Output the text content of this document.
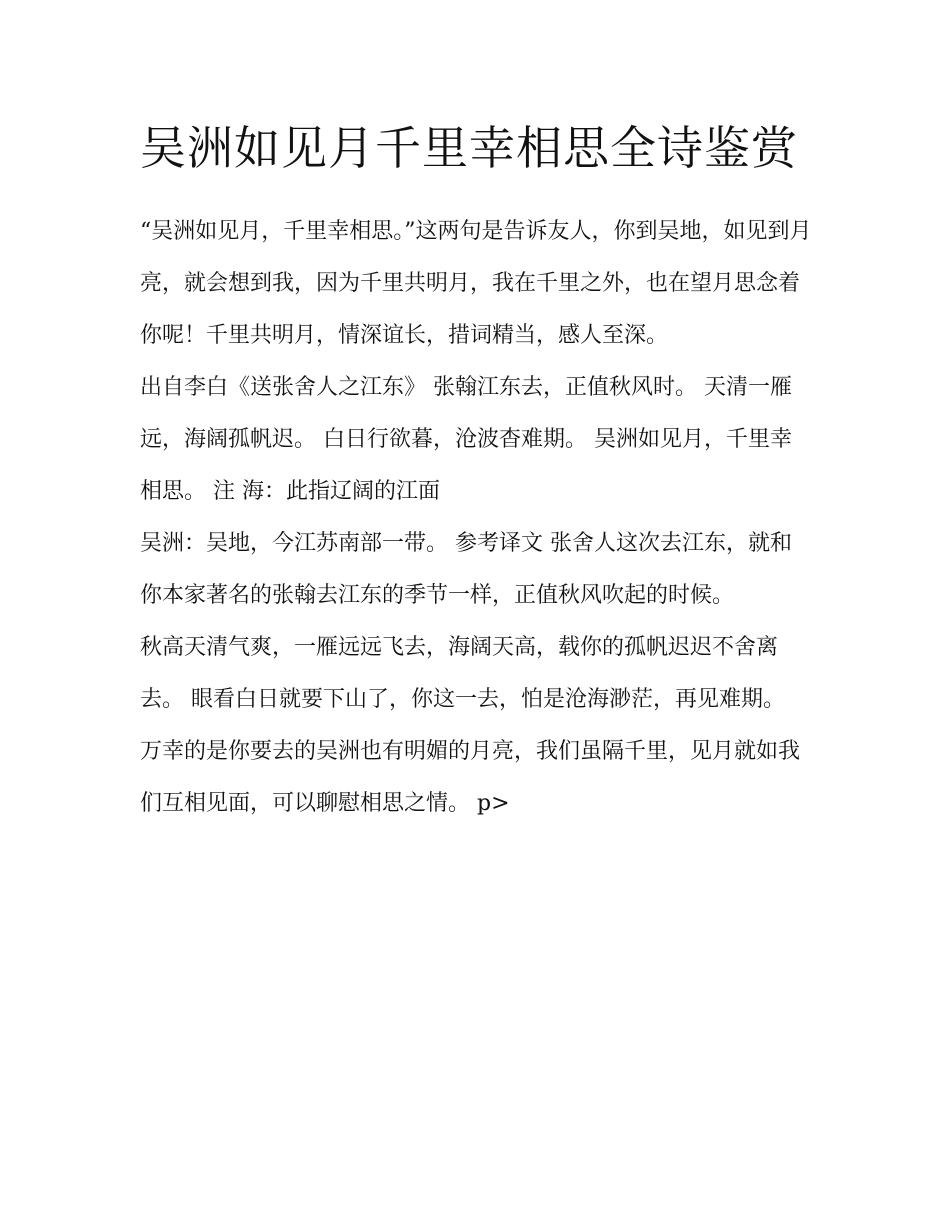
吴洲如见月千里幸相思全诗鉴赏

“吴洲如见月，千里幸相思。”这两句是告诉友人，你到吴地，如见到月亮，就会想到我，因为千里共明月，我在千里之外，也在望月思念着你呢！千里共明月，情深谊长，措词精当，感人至深。

出自李白《送张舍人之江东》 张翰江东去，正值秋风时。 天清一雁远，海阔孤帆迟。 白日行欲暮，沧波杳难期。 吴洲如见月，千里幸相思。 注 海：此指辽阔的江面

吴洲：吴地，今江苏南部一带。 参考译文 张舍人这次去江东，就和你本家著名的张翰去江东的季节一样，正值秋风吹起的时候。

秋高天清气爽，一雁远远飞去，海阔天高，载你的孤帆迟迟不舍离去。 眼看白日就要下山了，你这一去，怕是沧海渺茫，再见难期。

万幸的是你要去的吴洲也有明媚的月亮，我们虽隔千里，见月就如我们互相见面，可以聊慰相思之情。 p>
